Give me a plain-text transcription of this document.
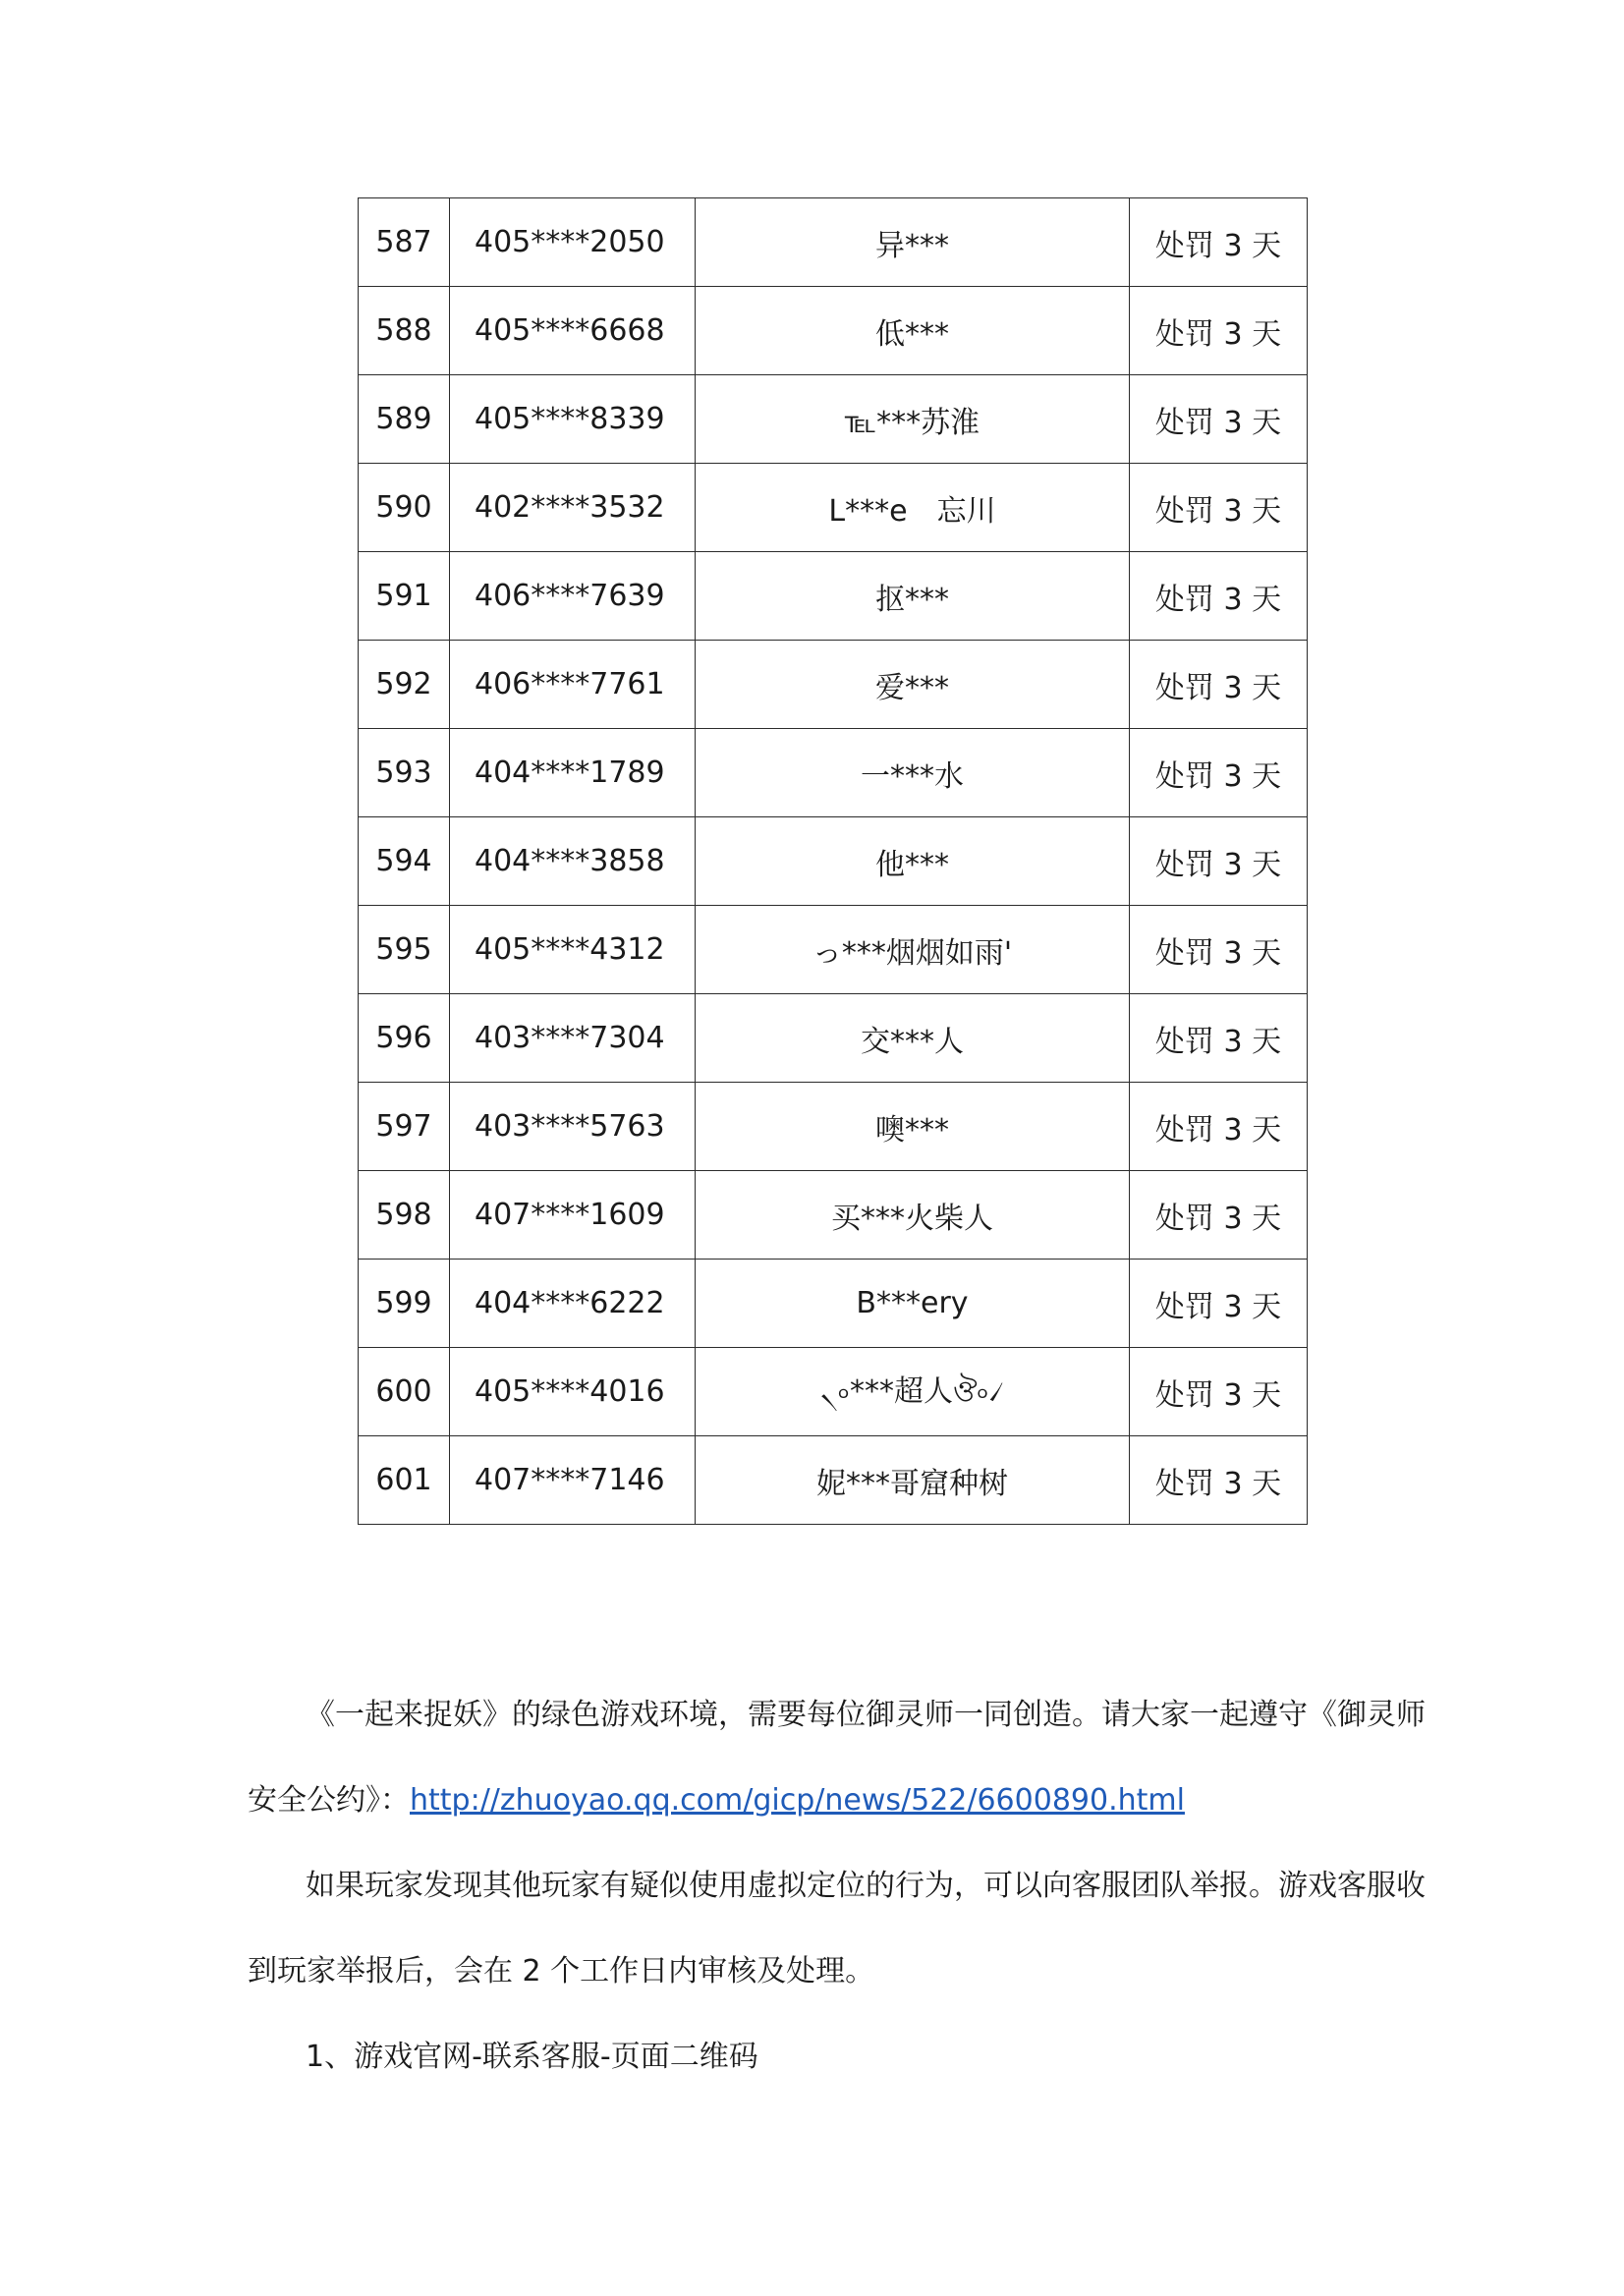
587	405****2050	异***	处罚 3 天
588	405****6668	低***	处罚 3 天
589	405****8339	℡***苏淮	处罚 3 天
590	402****3532	L***e　忘川	处罚 3 天
591	406****7639	抠***	处罚 3 天
592	406****7761	爱***	处罚 3 天
593	404****1789	一***水	处罚 3 天
594	404****3858	他***	处罚 3 天
595	405****4312	っ***烟烟如雨'	处罚 3 天
596	403****7304	交***人	处罚 3 天
597	403****5763	噢***	处罚 3 天
598	407****1609	买***火柴人	处罚 3 天
599	404****6222	B***ery	处罚 3 天
600	405****4016	৲৹***超人ঔ৹৴	处罚 3 天
601	407****7146	妮***哥窟种树	处罚 3 天

《一起来捉妖》的绿色游戏环境，需要每位御灵师一同创造。请大家一起遵守《御灵师

安全公约》：http://zhuoyao.qq.com/gicp/news/522/6600890.html

如果玩家发现其他玩家有疑似使用虚拟定位的行为，可以向客服团队举报。游戏客服收

到玩家举报后，会在 2 个工作日内审核及处理。

1、游戏官网-联系客服-页面二维码
